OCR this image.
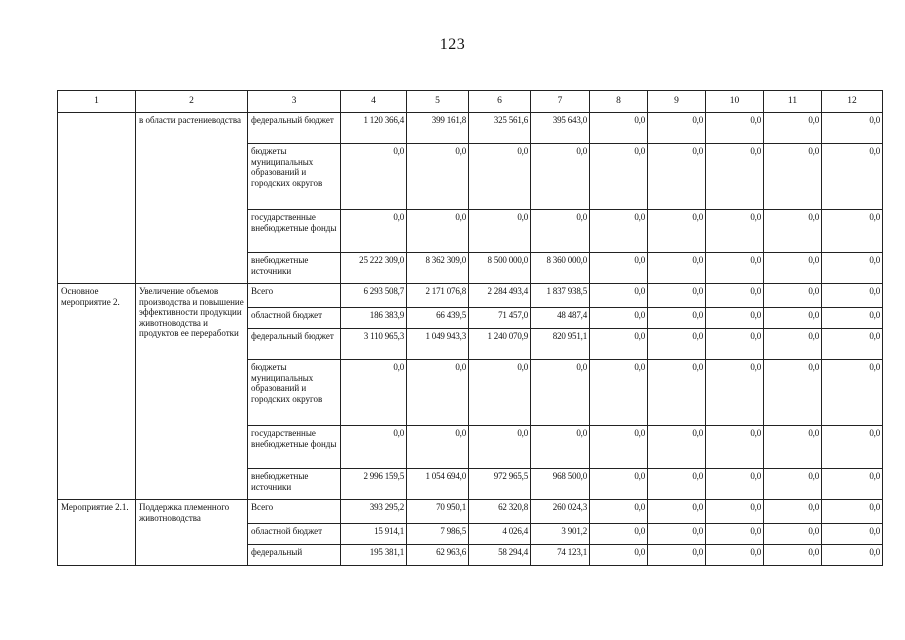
123
1	2	3	4	5	6	7	8	9	10	11	12
	в области растениеводства	федеральный бюджет	1 120 366,4	399 161,8	325 561,6	395 643,0	0,0	0,0	0,0	0,0	0,0
		бюджеты муниципальных образований и городских округов	0,0	0,0	0,0	0,0	0,0	0,0	0,0	0,0	0,0
		государственные внебюджетные фонды	0,0	0,0	0,0	0,0	0,0	0,0	0,0	0,0	0,0
		внебюджетные источники	25 222 309,0	8 362 309,0	8 500 000,0	8 360 000,0	0,0	0,0	0,0	0,0	0,0
Основное мероприятие 2.	Увеличение объемов производства и повышение эффективности продукции животноводства и продуктов ее переработки	Всего	6 293 508,7	2 171 076,8	2 284 493,4	1 837 938,5	0,0	0,0	0,0	0,0	0,0
		областной бюджет	186 383,9	66 439,5	71 457,0	48 487,4	0,0	0,0	0,0	0,0	0,0
		федеральный бюджет	3 110 965,3	1 049 943,3	1 240 070,9	820 951,1	0,0	0,0	0,0	0,0	0,0
		бюджеты муниципальных образований и городских округов	0,0	0,0	0,0	0,0	0,0	0,0	0,0	0,0	0,0
		государственные внебюджетные фонды	0,0	0,0	0,0	0,0	0,0	0,0	0,0	0,0	0,0
		внебюджетные источники	2 996 159,5	1 054 694,0	972 965,5	968 500,0	0,0	0,0	0,0	0,0	0,0
Мероприятие 2.1.	Поддержка племенного животноводства	Всего	393 295,2	70 950,1	62 320,8	260 024,3	0,0	0,0	0,0	0,0	0,0
		областной бюджет	15 914,1	7 986,5	4 026,4	3 901,2	0,0	0,0	0,0	0,0	0,0
		федеральный	195 381,1	62 963,6	58 294,4	74 123,1	0,0	0,0	0,0	0,0	0,0
